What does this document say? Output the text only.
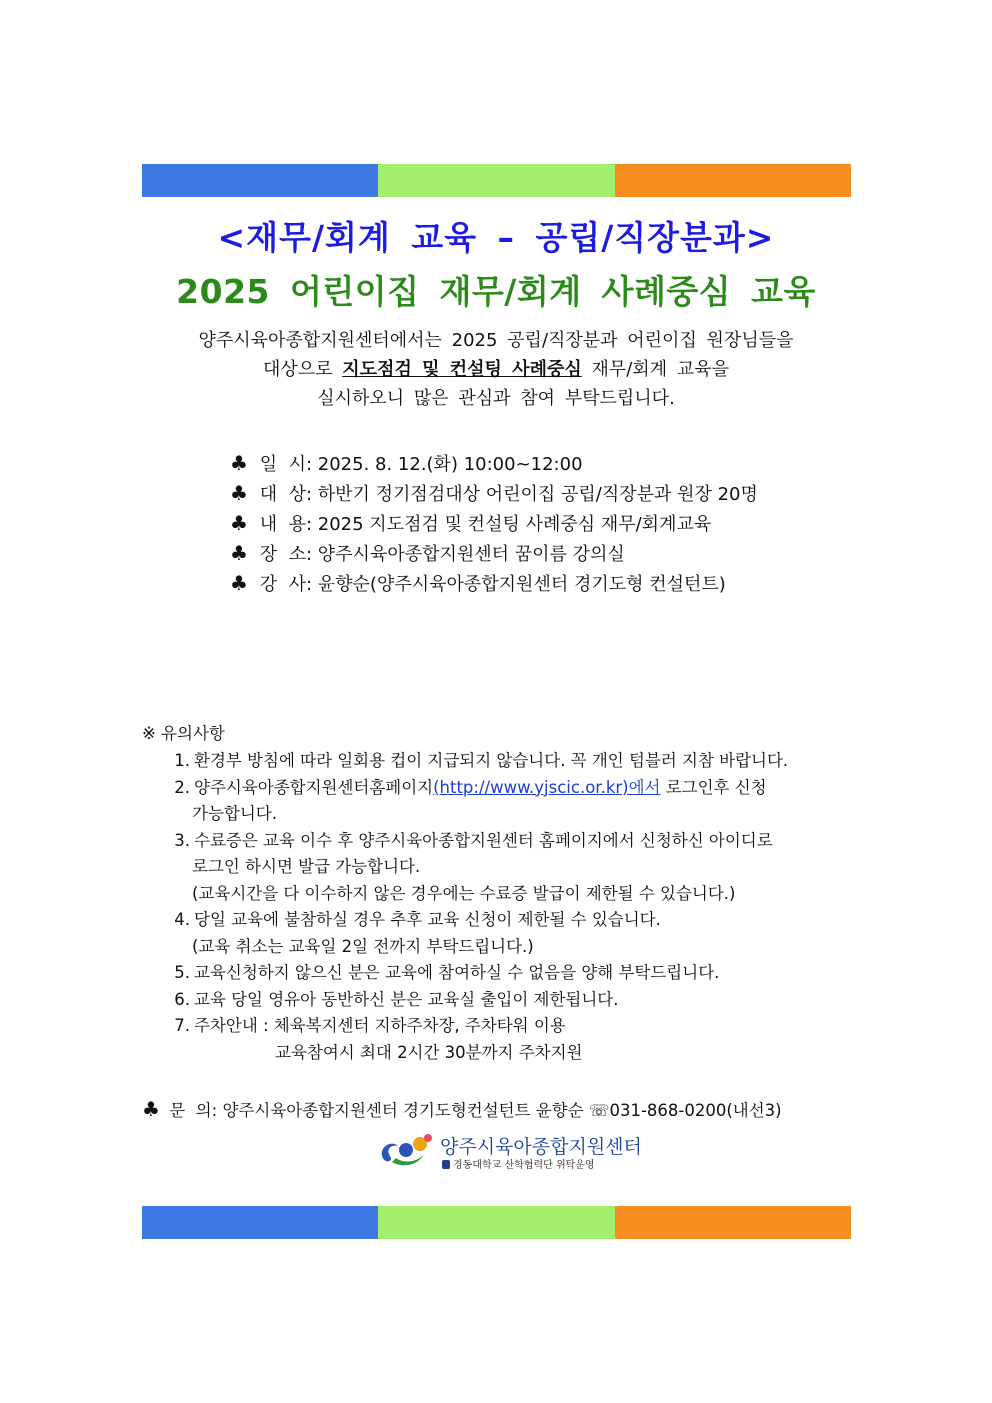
<재무/회계 교육 – 공립/직장분과>
2025 어린이집 재무/회계 사례중심 교육
양주시육아종합지원센터에서는 2025 공립/직장분과 어린이집 원장님들을
대상으로 지도점검 및 컨설팅 사례중심 재무/회계 교육을
실시하오니 많은 관심과 참여 부탁드립니다.
♣ 일  시: 2025. 8. 12.(화) 10:00~12:00
♣ 대  상: 하반기 정기점검대상 어린이집 공립/직장분과 원장 20명
♣ 내  용: 2025 지도점검 및 컨설팅 사례중심 재무/회계교육
♣ 장  소: 양주시육아종합지원센터 꿈이름 강의실
♣ 강  사: 윤향순(양주시육아종합지원센터 경기도형 컨설턴트)
※ 유의사항
1. 환경부 방침에 따라 일회용 컵이 지급되지 않습니다. 꼭 개인 텀블러 지참 바랍니다.
2. 양주시육아종합지원센터홈페이지(http://www.yjscic.or.kr)에서 로그인후 신청
가능합니다.
3. 수료증은 교육 이수 후 양주시육아종합지원센터 홈페이지에서 신청하신 아이디로
로그인 하시면 발급 가능합니다.
(교육시간을 다 이수하지 않은 경우에는 수료증 발급이 제한될 수 있습니다.)
4. 당일 교육에 불참하실 경우 추후 교육 신청이 제한될 수 있습니다.
(교육 취소는 교육일 2일 전까지 부탁드립니다.)
5. 교육신청하지 않으신 분은 교육에 참여하실 수 없음을 양해 부탁드립니다.
6. 교육 당일 영유아 동반하신 분은 교육실 출입이 제한됩니다.
7. 주차안내 : 체육복지센터 지하주차장, 주차타워 이용
교육참여시 최대 2시간 30분까지 주차지원
♣ 문  의: 양주시육아종합지원센터 경기도형컨설턴트 윤향순 ☏031-868-0200(내선3)
양주시육아종합지원센터
경동대학교 산학협력단 위탁운영
